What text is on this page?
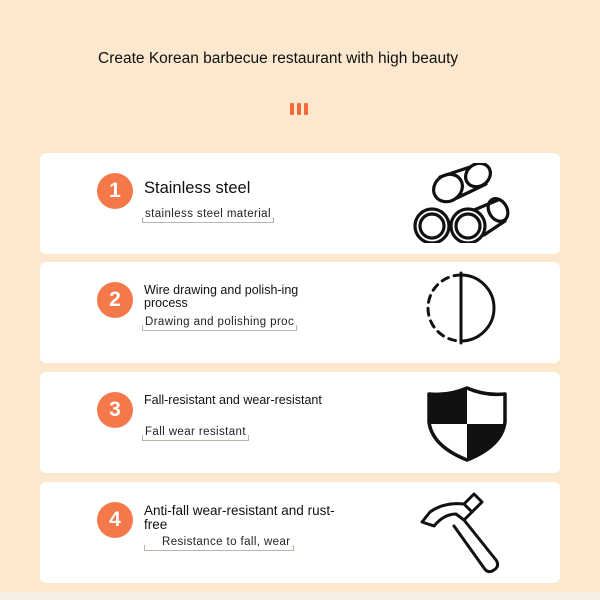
Create Korean barbecue restaurant with high beauty
1	Stainless steel
stainless steel material
2	Wire drawing and polish-ing process
Drawing and polishing proc
3	Fall-resistant and wear-resistant
Fall wear resistant
4	Anti-fall wear-resistant and rust-free
Resistance to fall, wear
